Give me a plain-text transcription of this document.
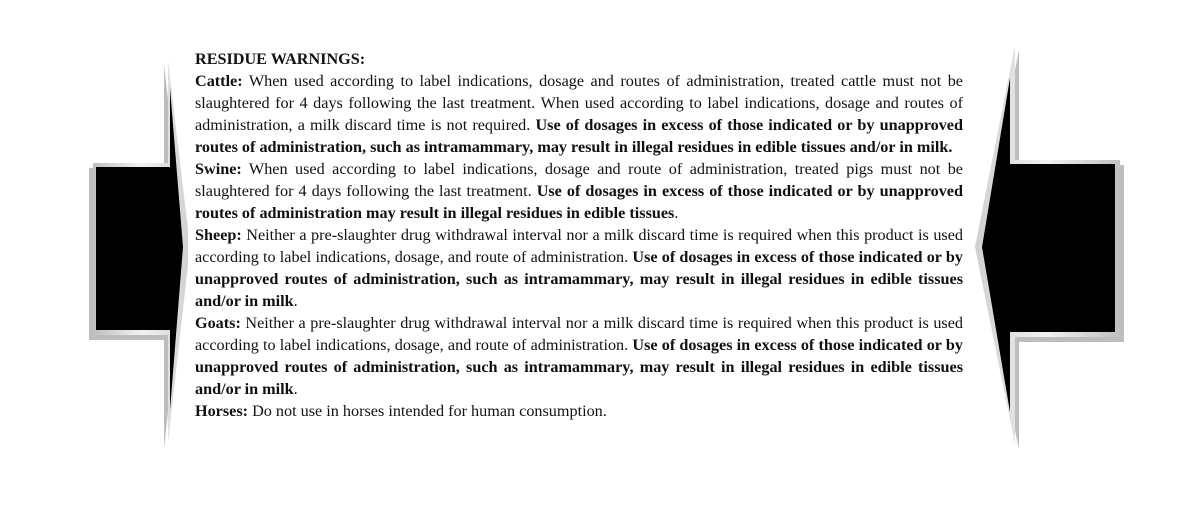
RESIDUE WARNINGS:

Cattle: When used according to label indications, dosage and routes of administration, treated cattle must not be slaughtered for 4 days following the last treatment. When used according to label indications, dosage and routes of administration, a milk discard time is not required. Use of dosages in excess of those indicated or by unapproved routes of administration, such as intramammary, may result in illegal residues in edible tissues and/or in milk.

Swine: When used according to label indications, dosage and route of administration, treated pigs must not be slaughtered for 4 days following the last treatment. Use of dosages in excess of those indicated or by unapproved routes of administration may result in illegal residues in edible tissues.

Sheep: Neither a pre-slaughter drug withdrawal interval nor a milk discard time is required when this product is used according to label indications, dosage, and route of administration. Use of dosages in excess of those indicated or by unapproved routes of administration, such as intramammary, may result in illegal residues in edible tissues and/or in milk.

Goats: Neither a pre-slaughter drug withdrawal interval nor a milk discard time is required when this product is used according to label indications, dosage, and route of administration. Use of dosages in excess of those indicated or by unapproved routes of administration, such as intramammary, may result in illegal residues in edible tissues and/or in milk.

Horses: Do not use in horses intended for human consumption.
